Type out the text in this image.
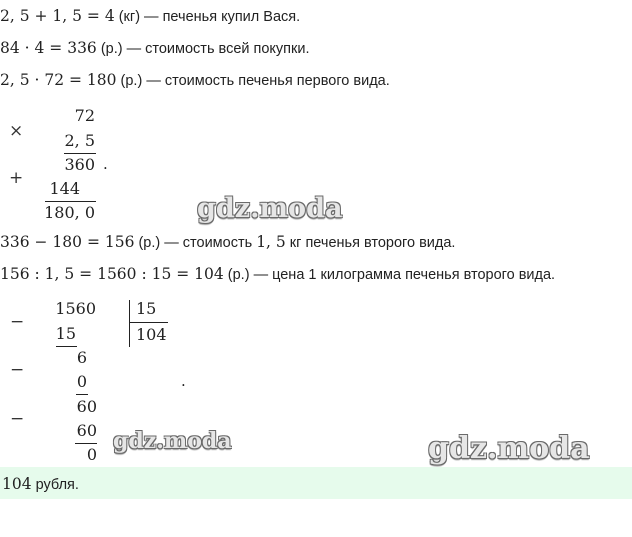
2, 5 + 1, 5 = 4 (кг) — печенья купил Вася.
84 · 4 = 336 (р.) — стоимость всей покупки.
2, 5 · 72 = 180 (р.) — стоимость печенья первого вида.
×
72
2, 5
360 .
+
144
180, 0	gdz.moda
336 − 180 = 156 (р.) — стоимость 1, 5 кг печенья второго вида.
156 : 1, 5 = 1560 : 15 = 104 (р.) — цена 1 килограмма печенья второго вида.
−
1560	15
104
15
−
6
0	.
−
60
60
0
gdz.moda	gdz.moda
104 рубля.
